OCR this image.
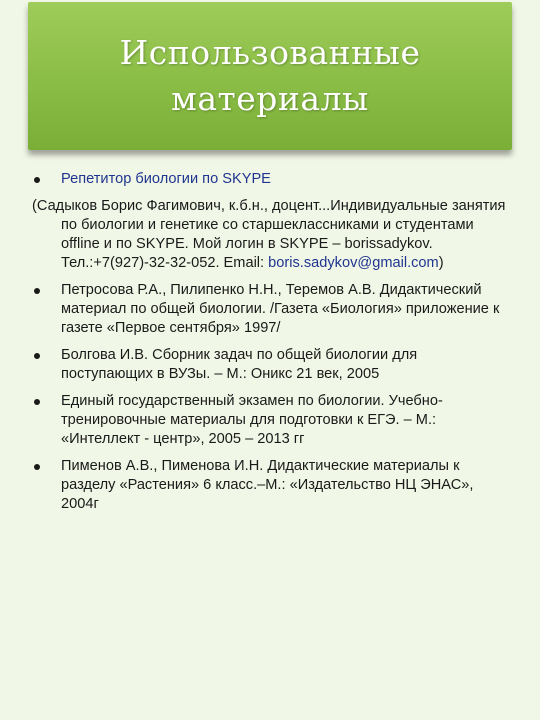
Использованные
материалы
Репетитор биологии по SKYPE
(Садыков Борис Фагимович, к.б.н., доцент...Индивидуальные занятия по биологии и генетике со старшеклассниками и студентами offline и по SKYPE. Мой логин в SKYPE – borissadykov. Тел.:+7(927)-32-32-052. Email: boris.sadykov@gmail.com)
Петросова Р.А., Пилипенко Н.Н., Теремов А.В. Дидактический материал по общей биологии. /Газета «Биология» приложение к газете «Первое сентября» 1997/
Болгова И.В. Сборник задач по общей биологии для поступающих в ВУЗы. – М.: Оникс 21 век, 2005
Единый государственный экзамен по биологии. Учебно-тренировочные материалы для подготовки к ЕГЭ. – М.: «Интеллект - центр», 2005 – 2013 гг
Пименов А.В., Пименова И.Н. Дидактические материалы к разделу «Растения» 6 класс.–М.: «Издательство НЦ ЭНАС», 2004г
